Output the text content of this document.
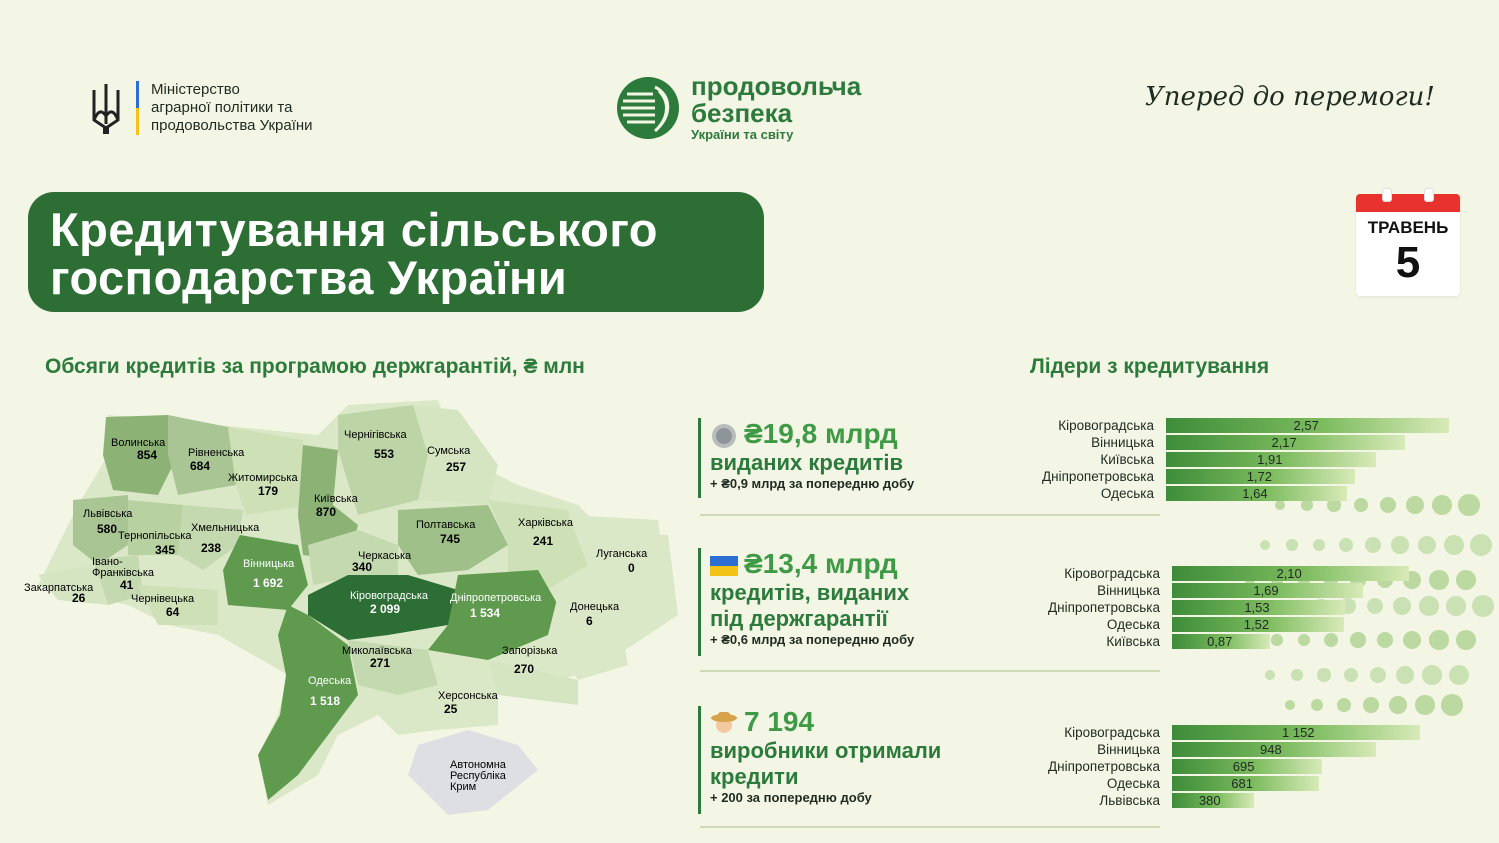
Міністерство
аграрної політики та
продовольства України
продовольча
безпека
України та світу
Уперед до перемоги!
Кредитування сільського
господарства України
ТРАВЕНЬ
5
Обсяги кредитів за програмою держгарантій, ₴ млн	Лідери з кредитування
Волинська
854	Рівненська
684
Житомирська
179
Чернігівська
553	Сумська
257
Київська
870
Львівська
580 Тернопільська
345
Хмельницька
238
Полтавська
745
Харківська
241
Луганська
0
Вінницька
1 692
Черкаська
340
Івано-
Франківська
41
Закарпатська
26	Чернівецька
64
Кіровоградська
2 099
Дніпропетровська
1 534	Донецька
6
Миколаївська
271
Запорізька
270
Одеська
1 518	Херсонська
25
Автономна
Республіка
Крим
₴19,8 млрд
виданих кредитів
+ ₴0,9 млрд за попередню добу
₴13,4 млрд
кредитів, виданих
під держгарантії
+ ₴0,6 млрд за попередню добу
7 194
виробники отримали
кредити
+ 200 за попередню добу
Кіровоградська	2,57
Вінницька	2,17
Київська	1,91
Дніпропетровська	1,72
Одеська	1,64
Кіровоградська	2,10
Вінницька	1,69
Дніпропетровська	1,53
Одеська	1,52
Київська	0,87
Кіровоградська	1 152
Вінницька	948
Дніпропетровська	695
Одеська	681
Львівська	380
